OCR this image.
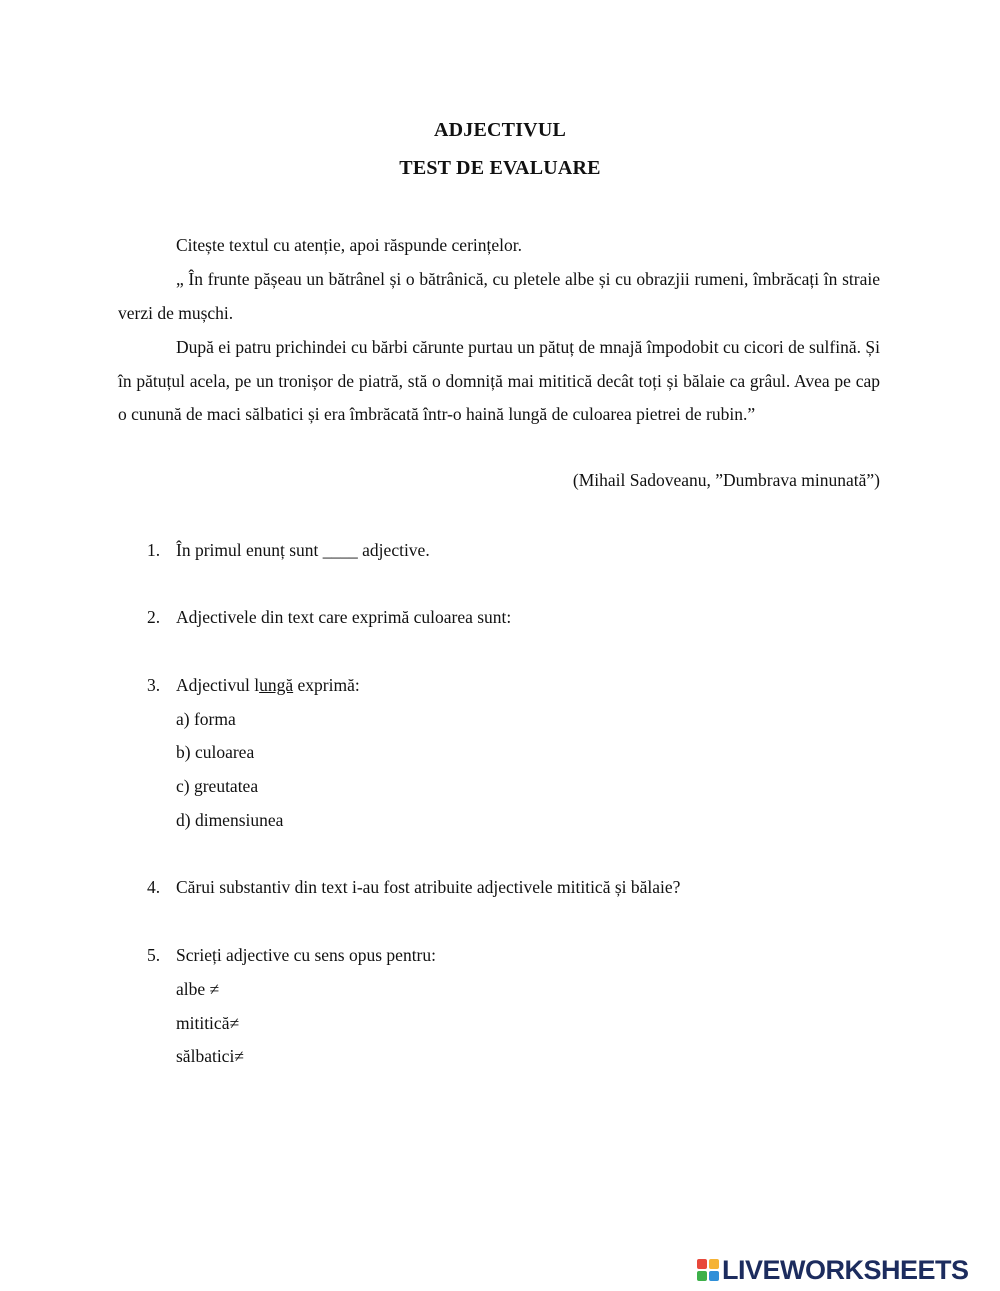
ADJECTIVUL
TEST DE EVALUARE
Citește textul cu atenție, apoi răspunde cerințelor.

„ În frunte pășeau un bătrânel și o bătrânică, cu pletele albe și cu obrazjii rumeni, îmbrăcați în straie verzi de mușchi.

După ei patru prichindei cu bărbi cărunte purtau un pătuț de mnajă împodobit cu cicori de sulfină. Și în pătuțul acela, pe un tronișor de piatră, stă o domniță mai mititică decât toți și bălaie ca grâul. Avea pe cap o cunună de maci sălbatici și era îmbrăcată într-o haină lungă de culoarea pietrei de rubin.”

(Mihail Sadoveanu, ”Dumbrava minunată”)
1. În primul enunț sunt ____ adjective.
2. Adjectivele din text care exprimă culoarea sunt:
3. Adjectivul lungă exprimă:
a) forma
b) culoarea
c) greutatea
d) dimensiunea
4. Cărui substantiv din text i-au fost atribuite adjectivele mititică și bălaie?
5. Scrieți adjective cu sens opus pentru:
albe ≠
mititică≠
sălbatici≠
LIVEWORKSHEETS
